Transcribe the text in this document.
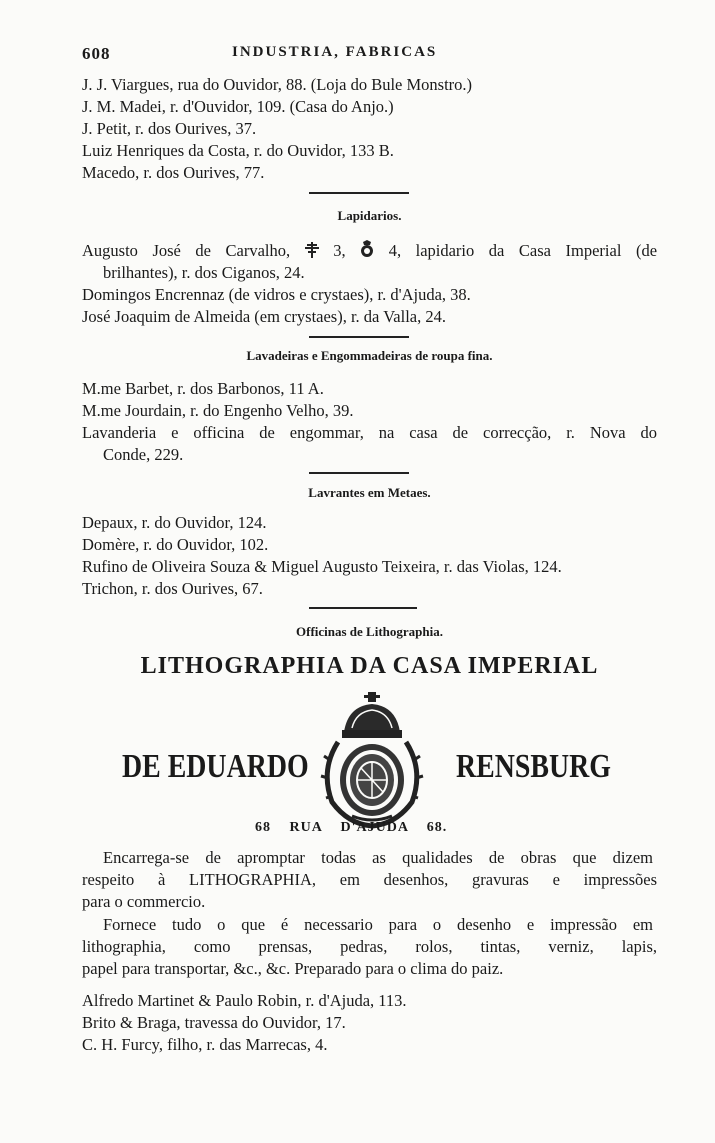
608	INDUSTRIA, FABRICAS
J. J. Viargues, rua do Ouvidor, 88. (Loja do Bule Monstro.)
J. M. Madei, r. d'Ouvidor, 109. (Casa do Anjo.)
J. Petit, r. dos Ourives, 37.
Luiz Henriques da Costa, r. do Ouvidor, 133 B.
Macedo, r. dos Ourives, 77.
Lapidarios.
Augusto José de Carvalho,	3,	4, lapidario da Casa Imperial (de
brilhantes), r. dos Ciganos, 24.
Domingos Encrennaz (de vidros e crystaes), r. d'Ajuda, 38.
José Joaquim de Almeida (em crystaes), r. da Valla, 24.
Lavadeiras e Engommadeiras de roupa fina.
M.me Barbet, r. dos Barbonos, 11 A.
M.me Jourdain, r. do Engenho Velho, 39.
Lavanderia e officina de engommar, na casa de correcção, r. Nova do
Conde, 229.
Lavrantes em Metaes.
Depaux, r. do Ouvidor, 124.
Domère, r. do Ouvidor, 102.
Rufino de Oliveira Souza & Miguel Augusto Teixeira, r. das Violas, 124.
Trichon, r. dos Ourives, 67.
Officinas de Lithographia.
LITHOGRAPHIA DA CASA IMPERIAL
DE EDUARDO	RENSBURG
68 RUA D'AJUDA 68.
Encarrega-se de apromptar todas as qualidades de obras que dizem
respeito à LITHOGRAPHIA, em desenhos, gravuras e impressões
para o commercio.
Fornece tudo o que é necessario para o desenho e impressão em
lithographia, como prensas, pedras, rolos, tintas, verniz, lapis,
papel para transportar, &c., &c. Preparado para o clima do paiz.
Alfredo Martinet & Paulo Robin, r. d'Ajuda, 113.
Brito & Braga, travessa do Ouvidor, 17.
C. H. Furcy, filho, r. das Marrecas, 4.
